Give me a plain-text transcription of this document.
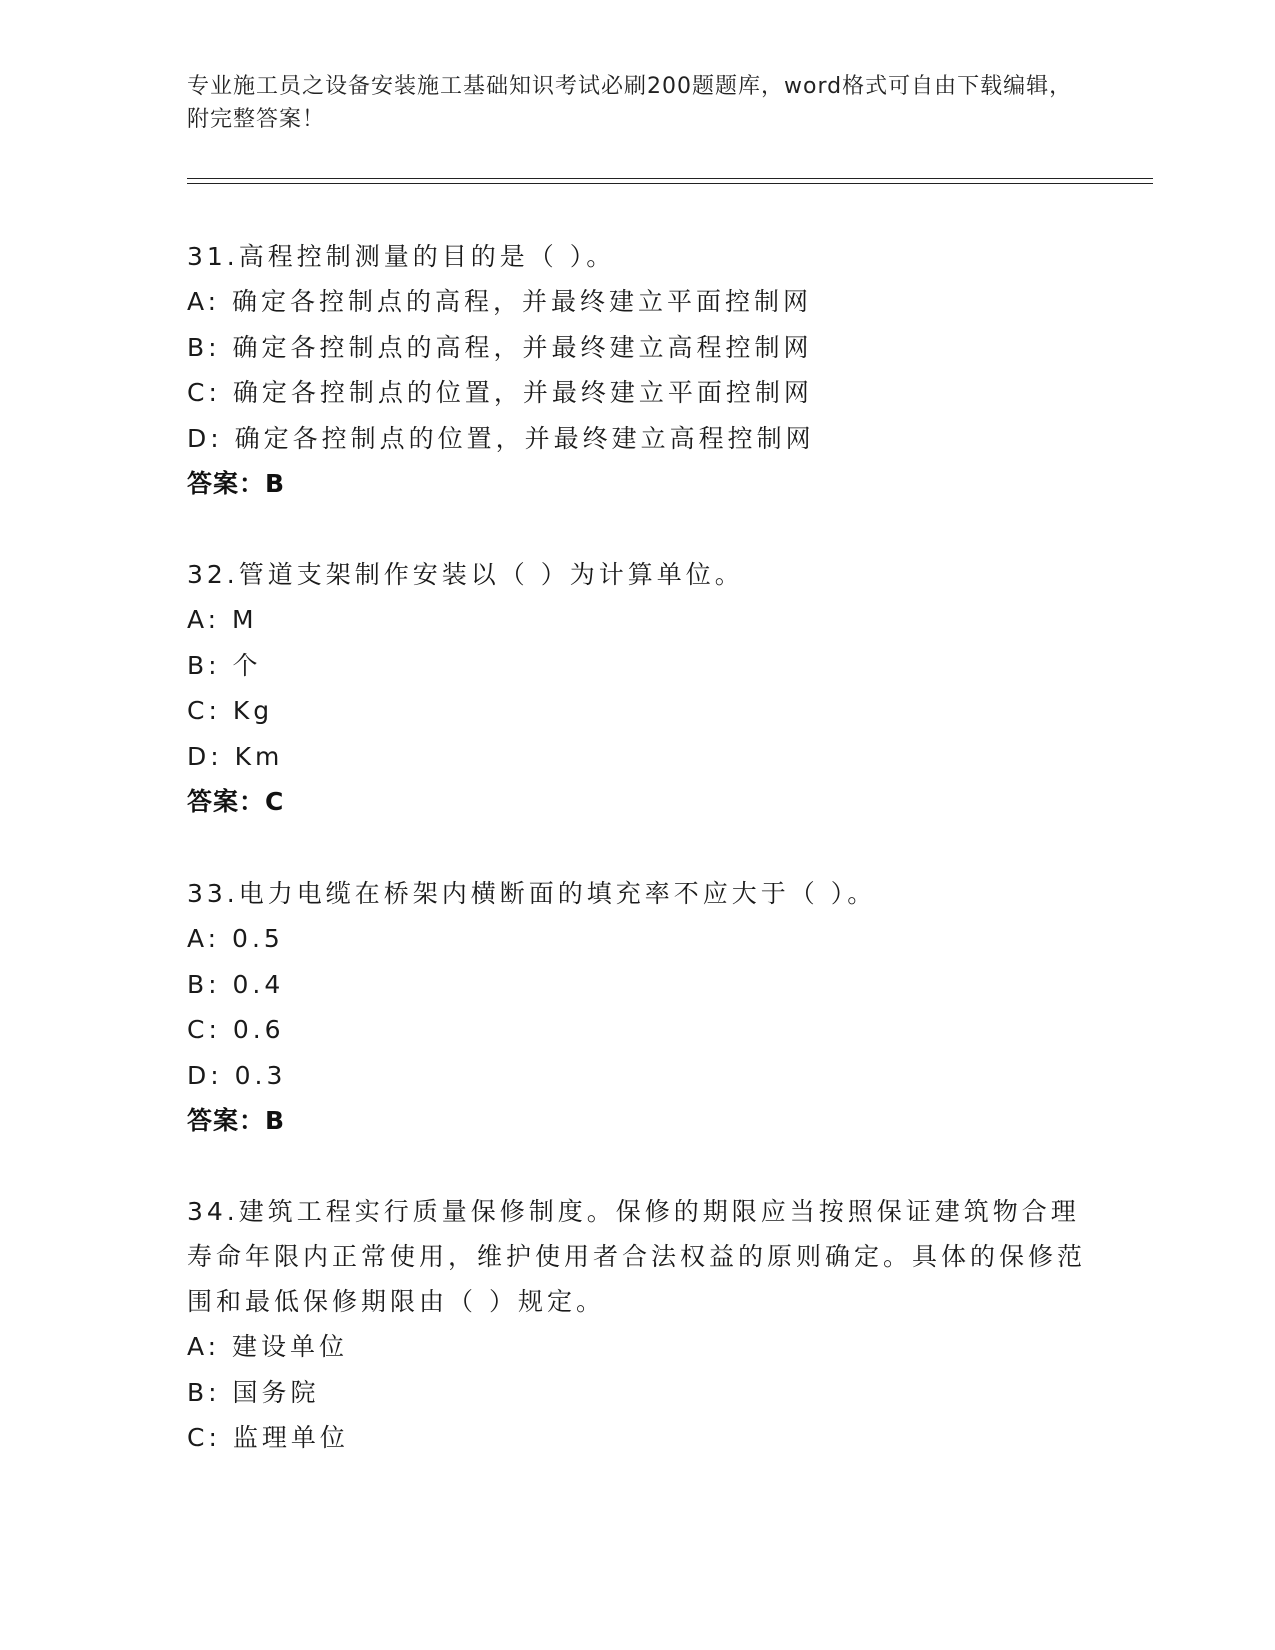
专业施工员之设备安装施工基础知识考试必刷200题题库，word格式可自由下载编辑，附完整答案！
31.高程控制测量的目的是（ ）。
A: 确定各控制点的高程，并最终建立平面控制网
B: 确定各控制点的高程，并最终建立高程控制网
C: 确定各控制点的位置，并最终建立平面控制网
D: 确定各控制点的位置，并最终建立高程控制网
答案：B
32.管道支架制作安装以（ ）为计算单位。
A: M
B: 个
C: Kg
D: Km
答案：C
33.电力电缆在桥架内横断面的填充率不应大于（ ）。
A: 0.5
B: 0.4
C: 0.6
D: 0.3
答案：B
34.建筑工程实行质量保修制度。保修的期限应当按照保证建筑物合理寿命年限内正常使用，维护使用者合法权益的原则确定。具体的保修范围和最低保修期限由（ ）规定。
A: 建设单位
B: 国务院
C: 监理单位
